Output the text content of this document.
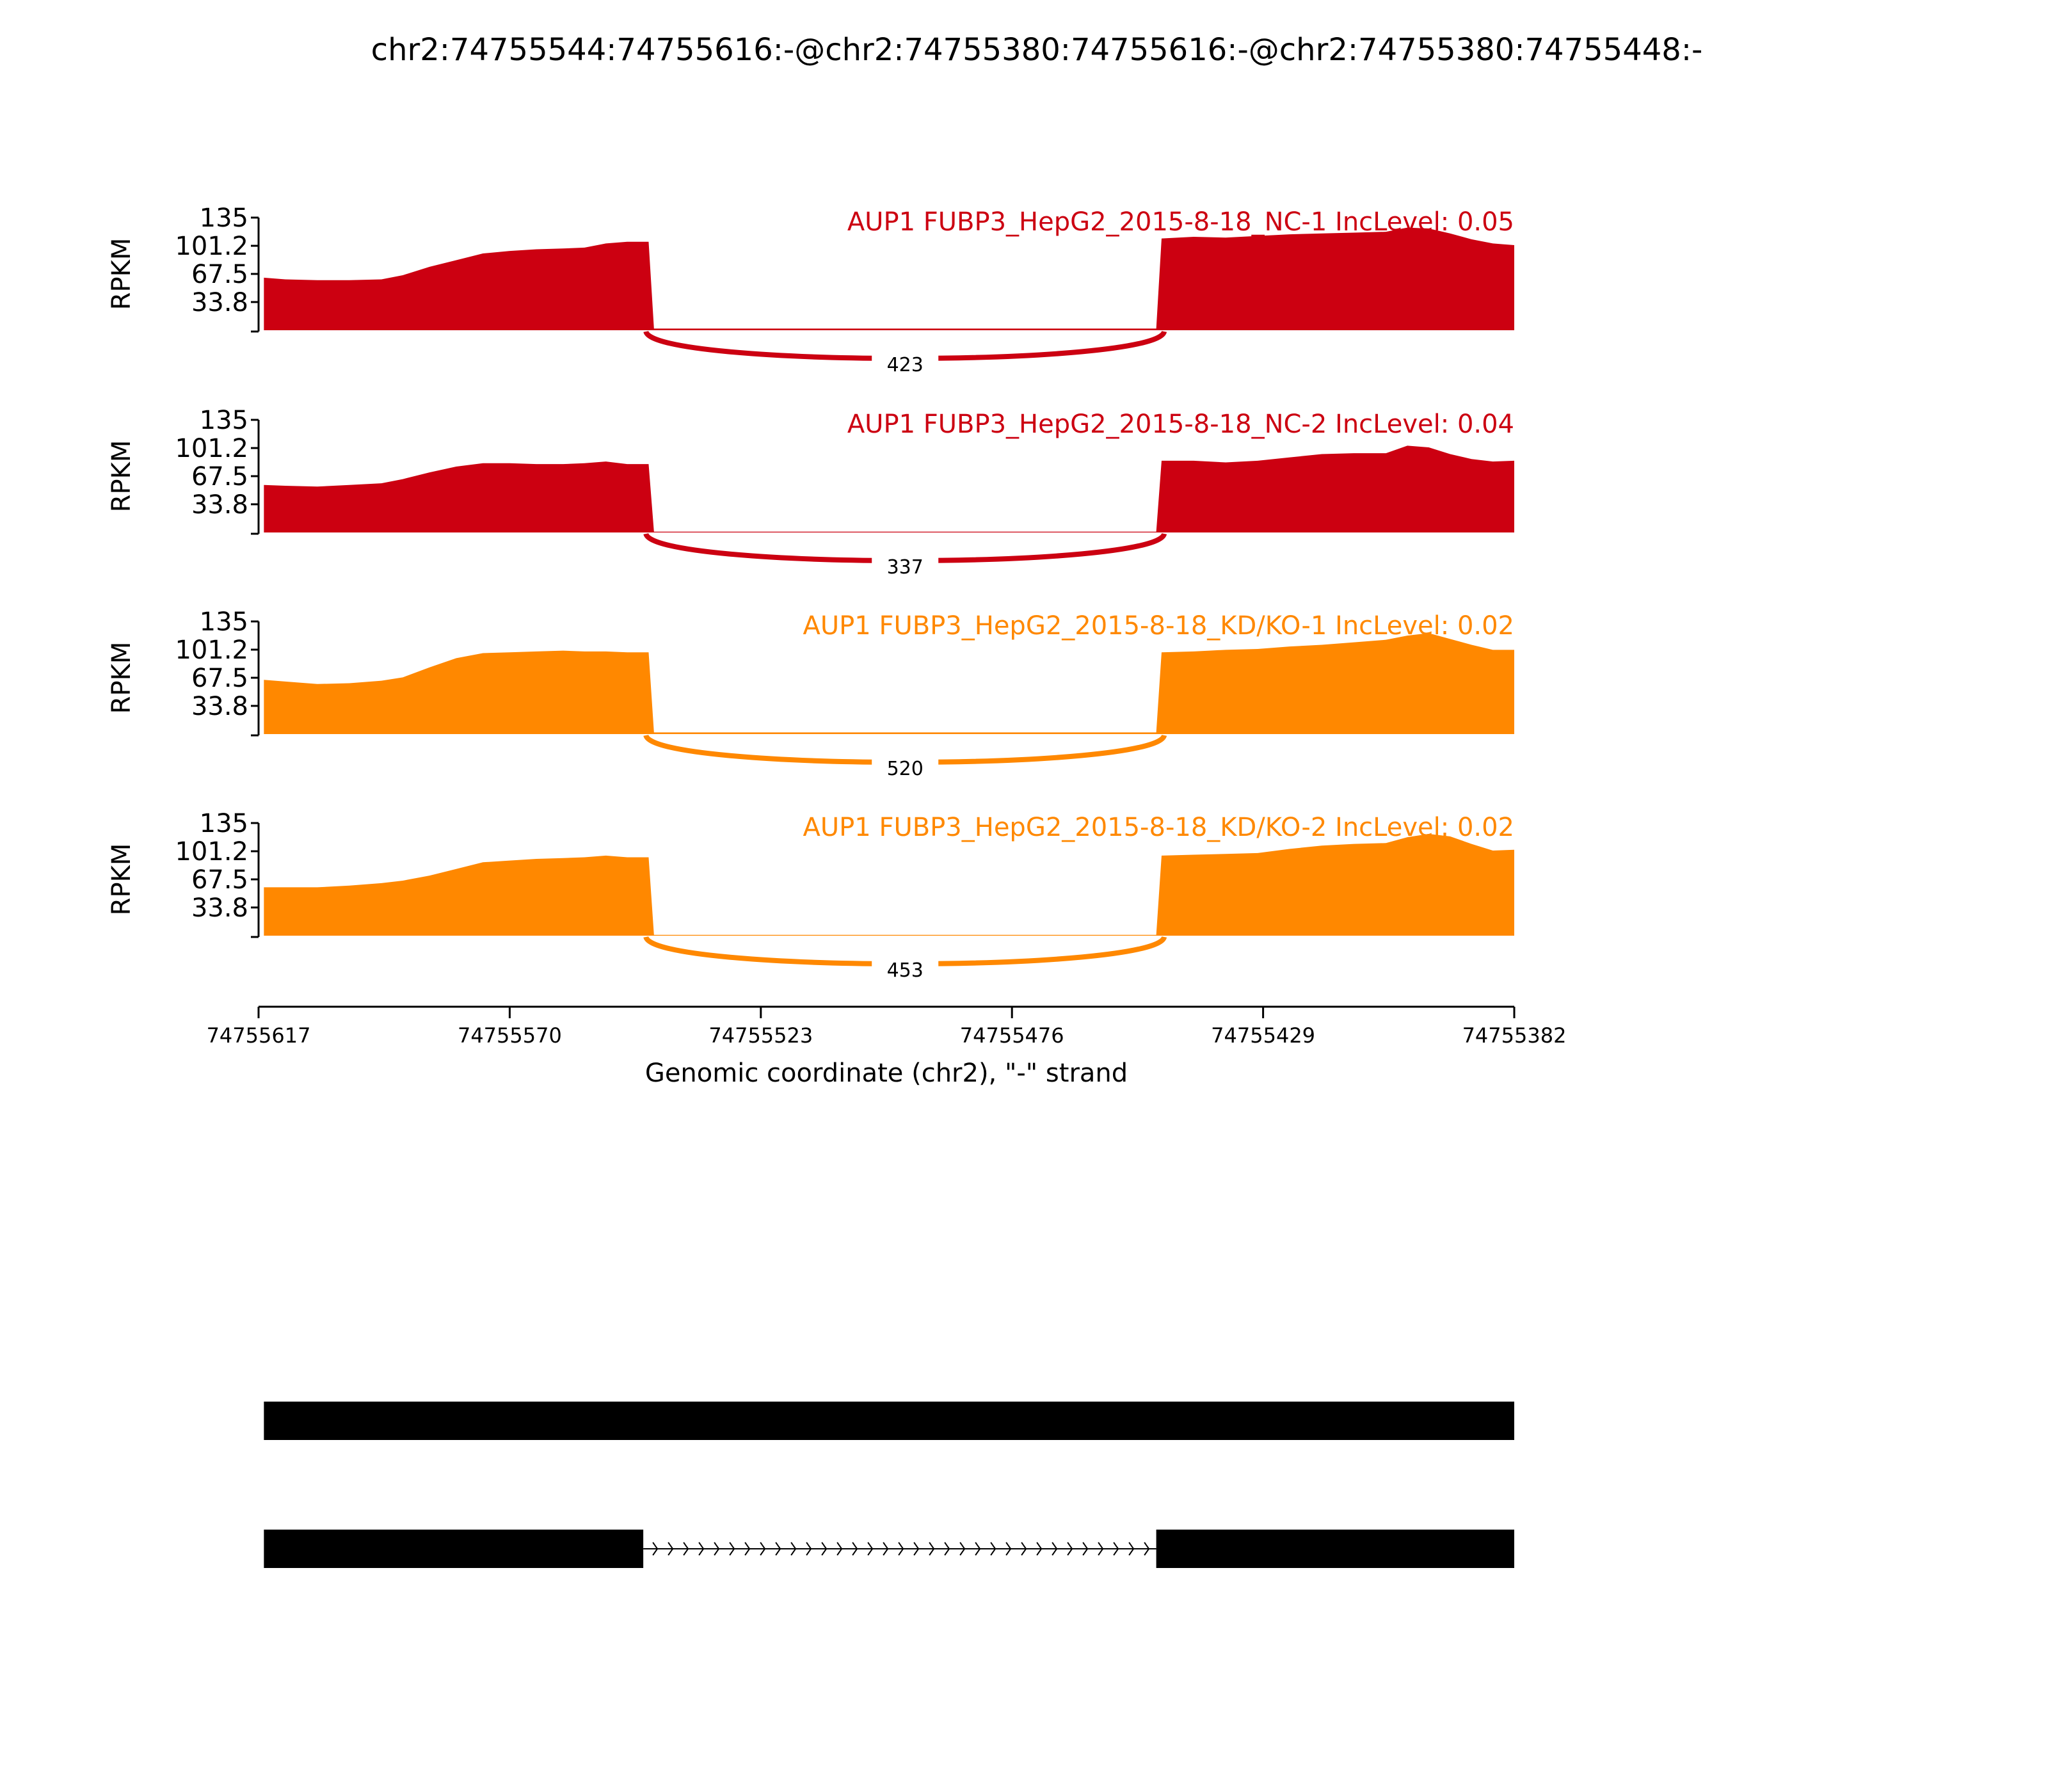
chr2:74755544:74755616:-@chr2:74755380:74755616:-@chr2:74755380:74755448:-
135
101.2
67.5
33.8
RPKM
423
AUP1 FUBP3_HepG2_2015-8-18_NC-1 IncLevel: 0.05
135
101.2
67.5
33.8
RPKM
337
AUP1 FUBP3_HepG2_2015-8-18_NC-2 IncLevel: 0.04
135
101.2
67.5
33.8
RPKM
520
AUP1 FUBP3_HepG2_2015-8-18_KD/KO-1 IncLevel: 0.02
135
101.2
67.5
33.8
RPKM
453
AUP1 FUBP3_HepG2_2015-8-18_KD/KO-2 IncLevel: 0.02
74755617	74755570	74755523	74755476	74755429	74755382
Genomic coordinate (chr2), "-" strand
